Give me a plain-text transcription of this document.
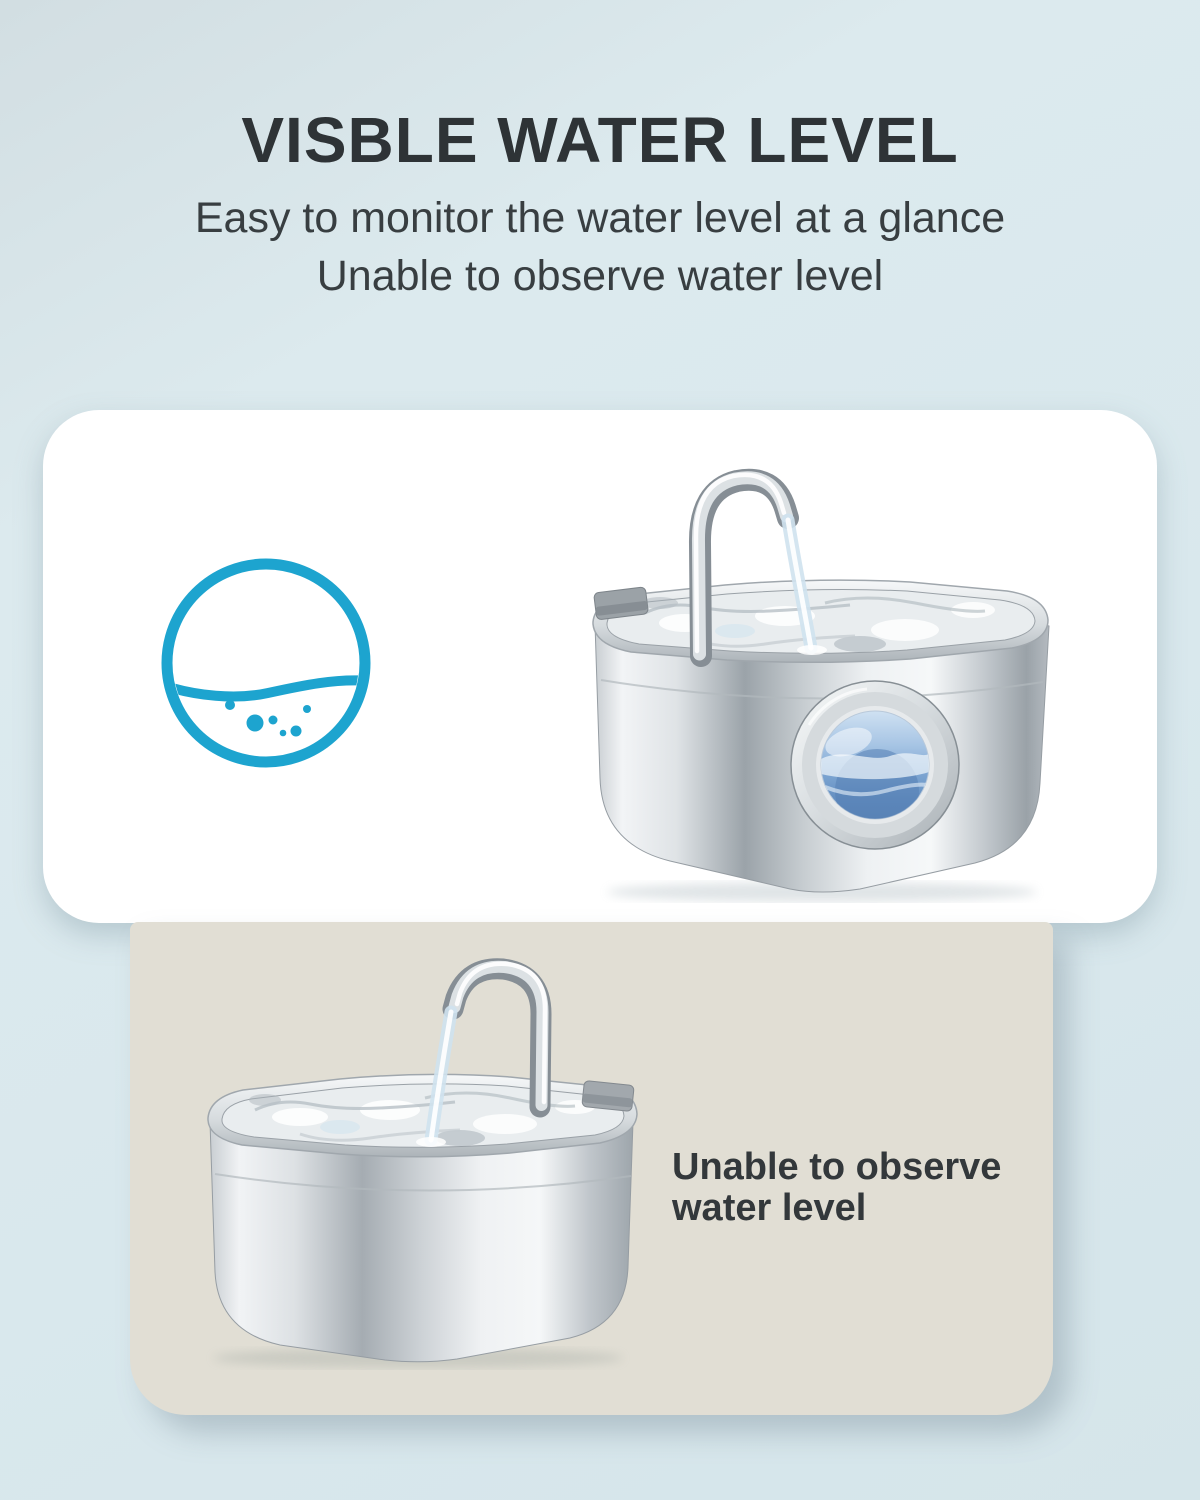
VISBLE WATER LEVEL

Easy to monitor the water level at a glance

Unable to observe water level

Unable to observe
water level
